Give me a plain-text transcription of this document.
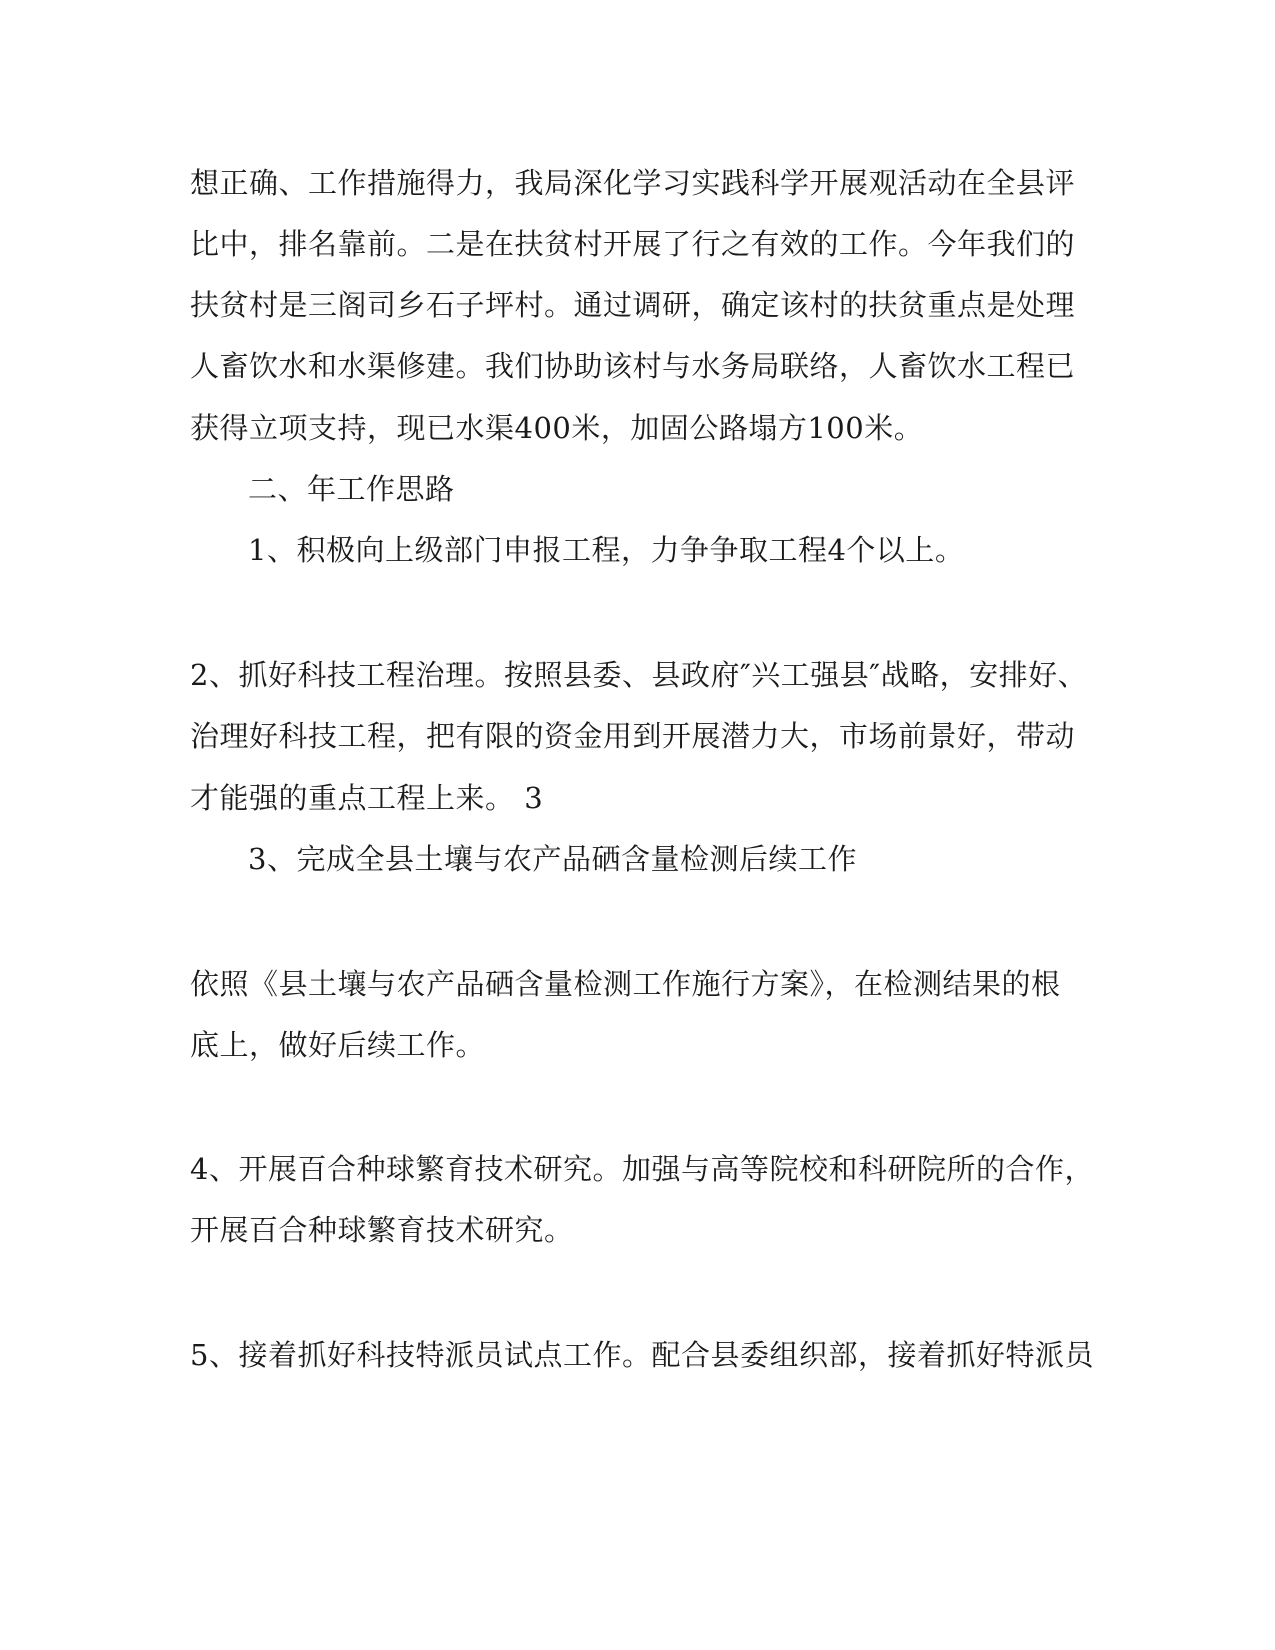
想正确、工作措施得力，我局深化学习实践科学开展观活动在全县评
比中，排名靠前。二是在扶贫村开展了行之有效的工作。今年我们的
扶贫村是三阁司乡石子坪村。通过调研，确定该村的扶贫重点是处理
人畜饮水和水渠修建。我们协助该村与水务局联络，人畜饮水工程已
获得立项支持，现已水渠400米，加固公路塌方100米。
二、年工作思路
1、积极向上级部门申报工程，力争争取工程4个以上。
2、抓好科技工程治理。按照县委、县政府″兴工强县″战略，安排好、
治理好科技工程，把有限的资金用到开展潜力大，市场前景好，带动
才能强的重点工程上来。 3
3、完成全县土壤与农产品硒含量检测后续工作
依照《县土壤与农产品硒含量检测工作施行方案》，在检测结果的根
底上，做好后续工作。
4、开展百合种球繁育技术研究。加强与高等院校和科研院所的合作，
开展百合种球繁育技术研究。
5、接着抓好科技特派员试点工作。配合县委组织部，接着抓好特派员
